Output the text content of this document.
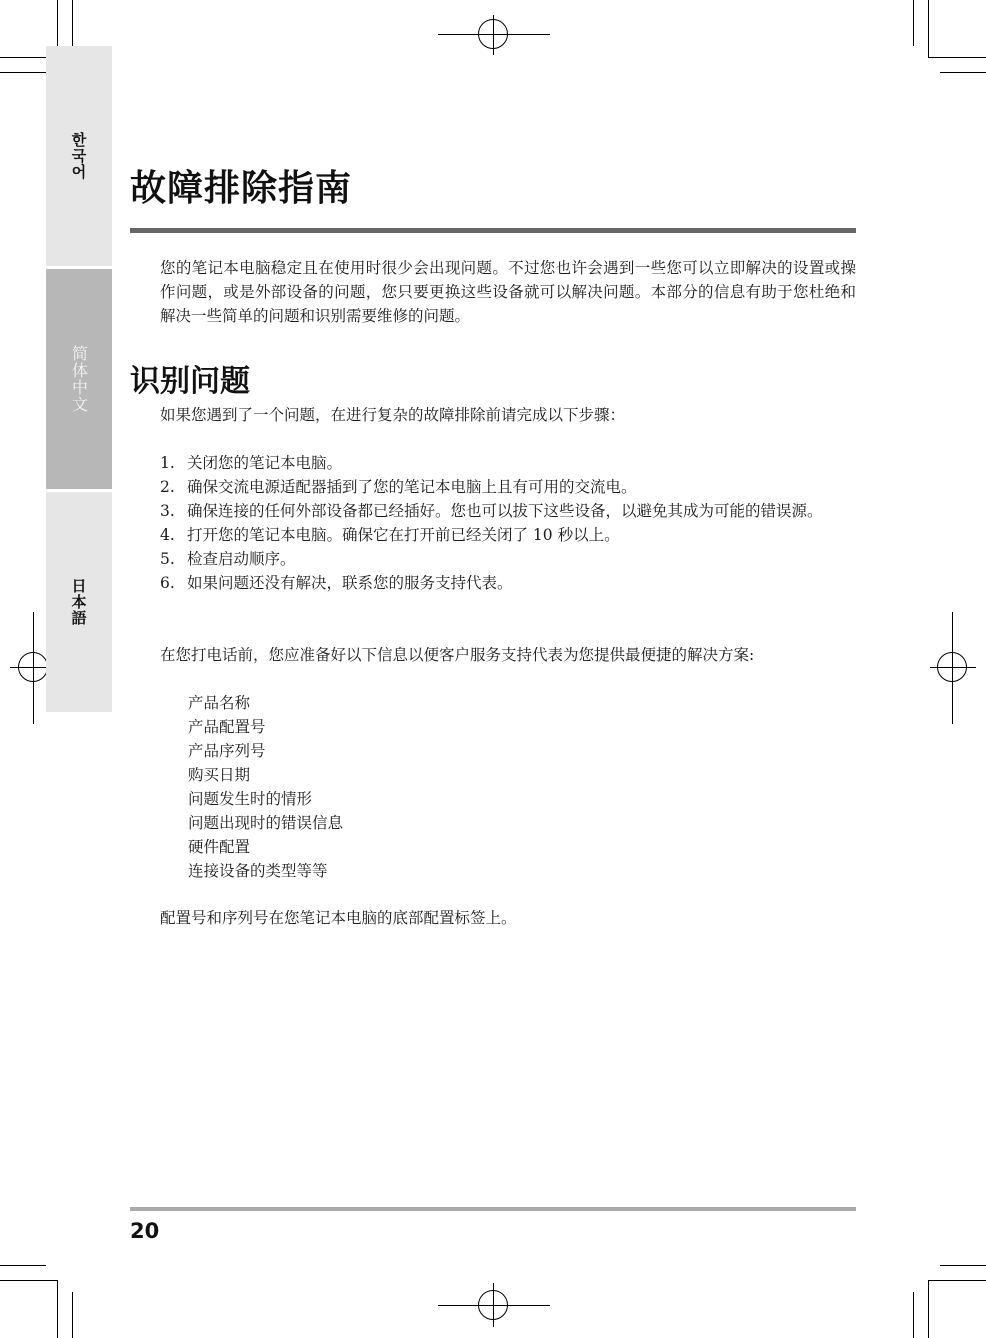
한국어
简体中文
日本語
故障排除指南

您的笔记本电脑稳定且在使用时很少会出现问题。不过您也许会遇到一些您可以立即解决的设置或操作问题，或是外部设备的问题，您只要更换这些设备就可以解决问题。本部分的信息有助于您杜绝和解决一些简单的问题和识别需要维修的问题。

识别问题

如果您遇到了一个问题，在进行复杂的故障排除前请完成以下步骤：

1. 关闭您的笔记本电脑。
2. 确保交流电源适配器插到了您的笔记本电脑上且有可用的交流电。
3. 确保连接的任何外部设备都已经插好。您也可以拔下这些设备，以避免其成为可能的错误源。
4. 打开您的笔记本电脑。确保它在打开前已经关闭了 10 秒以上。
5. 检查启动顺序。
6. 如果问题还没有解决，联系您的服务支持代表。

在您打电话前，您应准备好以下信息以便客户服务支持代表为您提供最便捷的解决方案:

产品名称
产品配置号
产品序列号
购买日期
问题发生时的情形
问题出现时的错误信息
硬件配置
连接设备的类型等等

配置号和序列号在您笔记本电脑的底部配置标签上。

20
